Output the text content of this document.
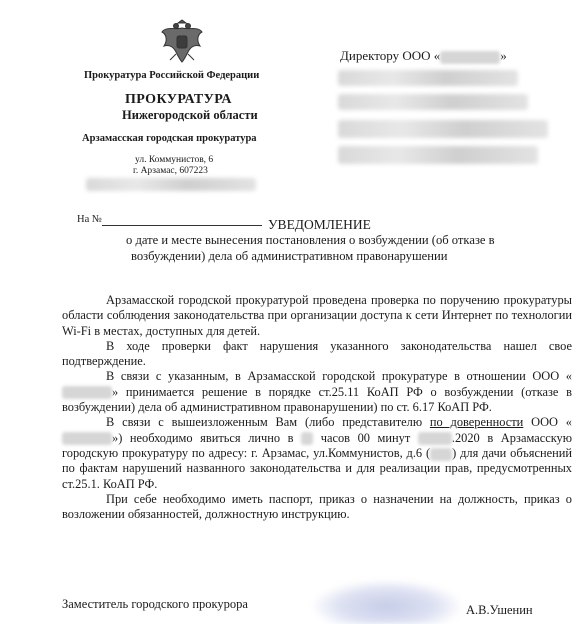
Прокуратура Российской Федерации
ПРОКУРАТУРА
Нижегородской области
Арзамасская городская прокуратура
ул. Коммунистов, 6
г. Арзамас, 607223
На №
Директору ООО «	»
УВЕДОМЛЕНИЕ
о дате и месте вынесения постановления о возбуждении (об отказе в
возбуждении) дела об административном правонарушении

Арзамасской городской прокуратурой проведена проверка по поручению прокуратуры области соблюдения законодательства при организации доступа к сети Интернет по технологии Wi-Fi в местах, доступных для детей.

В ходе проверки факт нарушения указанного законодательства нашел свое подтверждение.

В связи с указанным, в Арзамасской городской прокуратуре в отношении ООО «» принимается решение в порядке ст.25.11 КоАП РФ о возбуждении (отказе в возбуждении) дела об административном правонарушении) по ст. 6.17 КоАП РФ.

В связи с вышеизложенным Вам (либо представителю по доверенности ООО «») необходимо явиться лично в  часов 00 минут	.2020 в Арзамасскую городскую прокуратуру по адресу: г. Арзамас, ул.Коммунистов, д.6 ( ) для дачи объяснений по фактам нарушений названного законодательства и для реализации прав, предусмотренных ст.25.1. КоАП РФ.

При себе необходимо иметь паспорт, приказ о назначении на должность, приказ о возложении обязанностей, должностную инструкцию.

Заместитель городского прокурора	А.В.Ушенин
